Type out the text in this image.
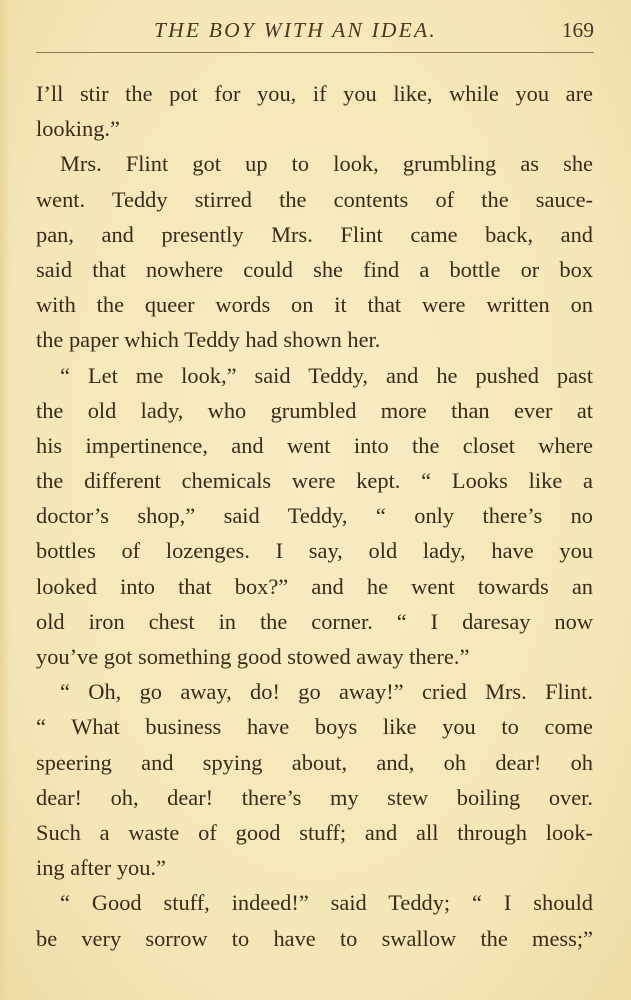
THE BOY WITH AN IDEA.	169
I’ll stir the pot for you, if you like, while you are
looking.”
Mrs. Flint got up to look, grumbling as she
went. Teddy stirred the contents of the sauce-
pan, and presently Mrs. Flint came back, and
said that nowhere could she find a bottle or box
with the queer words on it that were written on
the paper which Teddy had shown her.
“ Let me look,” said Teddy, and he pushed past
the old lady, who grumbled more than ever at
his impertinence, and went into the closet where
the different chemicals were kept. “ Looks like a
doctor’s shop,” said Teddy, “ only there’s no
bottles of lozenges. I say, old lady, have you
looked into that box?” and he went towards an
old iron chest in the corner. “ I daresay now
you’ve got something good stowed away there.”
“ Oh, go away, do! go away!” cried Mrs. Flint.
“ What business have boys like you to come
speering and spying about, and, oh dear! oh
dear! oh, dear! there’s my stew boiling over.
Such a waste of good stuff; and all through look-
ing after you.”
“ Good stuff, indeed!” said Teddy; “ I should
be very sorrow to have to swallow the mess;”
